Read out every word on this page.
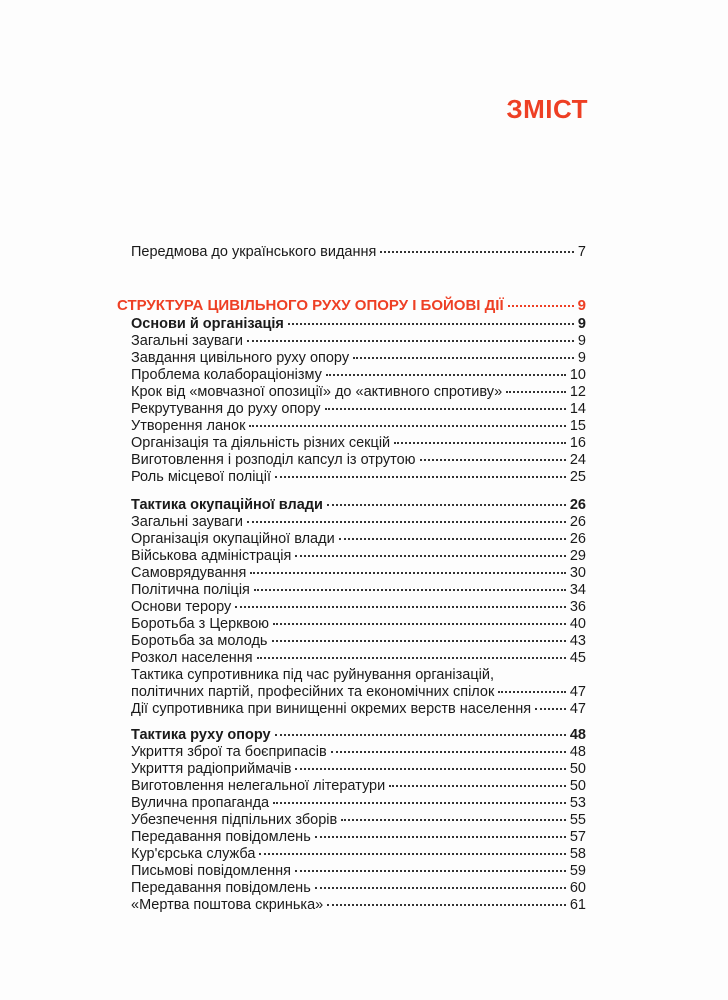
ЗМІСТ
Передмова до українського видання	7
СТРУКТУРА ЦИВІЛЬНОГО РУХУ ОПОРУ І БОЙОВІ ДІЇ	9
Основи й організація	9
Загальні зауваги	9
Завдання цивільного руху опору	9
Проблема колабораціонізму	10
Крок від «мовчазної опозиції» до «активного спротиву»	12
Рекрутування до руху опору	14
Утворення ланок	15
Організація та діяльність різних секцій	16
Виготовлення і розподіл капсул із отрутою	24
Роль місцевої поліції	25
Тактика окупаційної влади	26
Загальні зауваги	26
Організація окупаційної влади	26
Військова адміністрація	29
Самоврядування	30
Політична поліція	34
Основи терору	36
Боротьба з Церквою	40
Боротьба за молодь	43
Розкол населення	45
Тактика супротивника під час руйнування організацій,
політичних партій, професійних та економічних спілок	47
Дії супротивника при винищенні окремих верств населення	47
Тактика руху опору	48
Укриття зброї та боєприпасів	48
Укриття радіоприймачів	50
Виготовлення нелегальної літератури	50
Вулична пропаганда	53
Убезпечення підпільних зборів	55
Передавання повідомлень	57
Кур'єрська служба	58
Письмові повідомлення	59
Передавання повідомлень	60
«Мертва поштова скринька»	61
